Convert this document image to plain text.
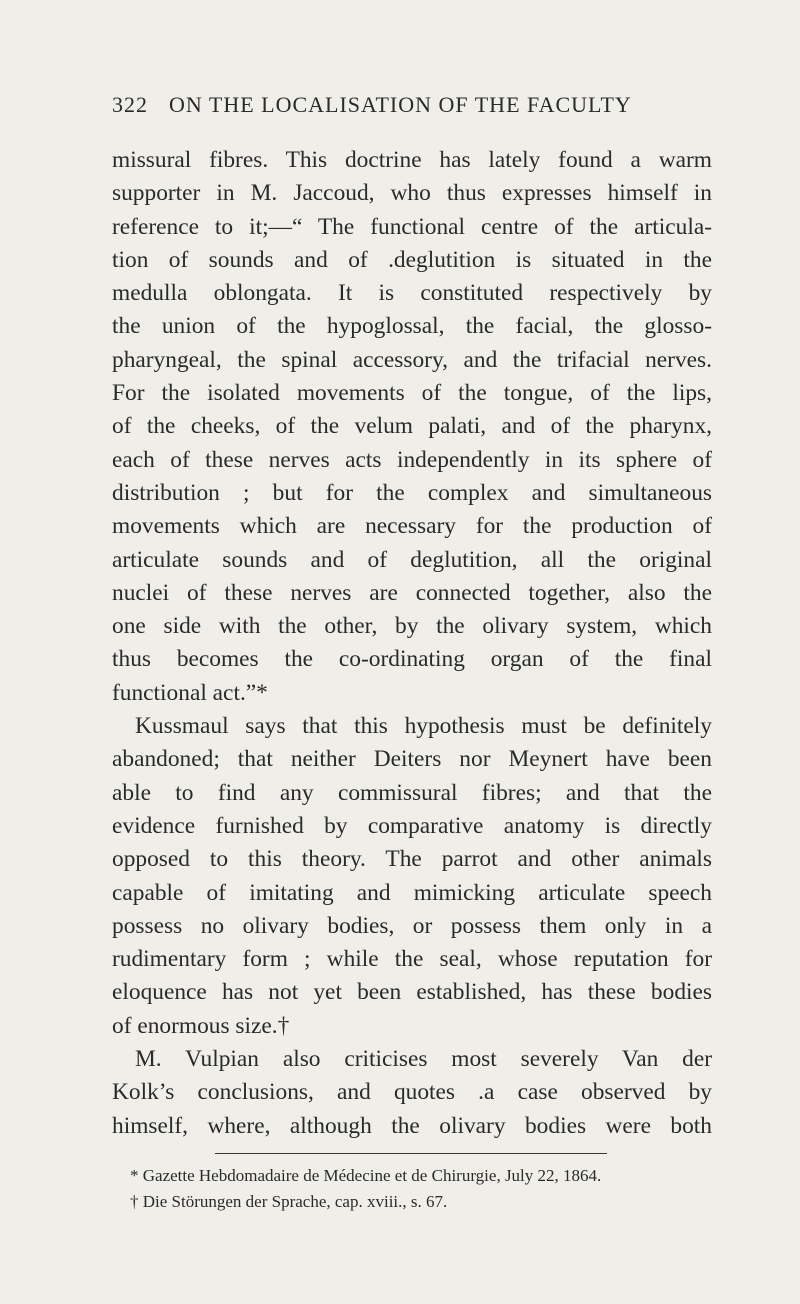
322 ON THE LOCALISATION OF THE FACULTY
missural fibres. This doctrine has lately found a warm
supporter in M. Jaccoud, who thus expresses himself in
reference to it;—“ The functional centre of the articula-
tion of sounds and of .deglutition is situated in the
medulla oblongata. It is constituted respectively by
the union of the hypoglossal, the facial, the glosso-
pharyngeal, the spinal accessory, and the trifacial nerves.
For the isolated movements of the tongue, of the lips,
of the cheeks, of the velum palati, and of the pharynx,
each of these nerves acts independently in its sphere of
distribution ; but for the complex and simultaneous
movements which are necessary for the production of
articulate sounds and of deglutition, all the original
nuclei of these nerves are connected together, also the
one side with the other, by the olivary system, which
thus becomes the co-ordinating organ of the final
functional act.”*
Kussmaul says that this hypothesis must be definitely
abandoned; that neither Deiters nor Meynert have been
able to find any commissural fibres; and that the
evidence furnished by comparative anatomy is directly
opposed to this theory. The parrot and other animals
capable of imitating and mimicking articulate speech
possess no olivary bodies, or possess them only in a
rudimentary form ; while the seal, whose reputation for
eloquence has not yet been established, has these bodies
of enormous size.†
M. Vulpian also criticises most severely Van der
Kolk’s conclusions, and quotes .a case observed by
himself, where, although the olivary bodies were both
* Gazette Hebdomadaire de Médecine et de Chirurgie, July 22, 1864.
† Die Störungen der Sprache, cap. xviii., s. 67.
